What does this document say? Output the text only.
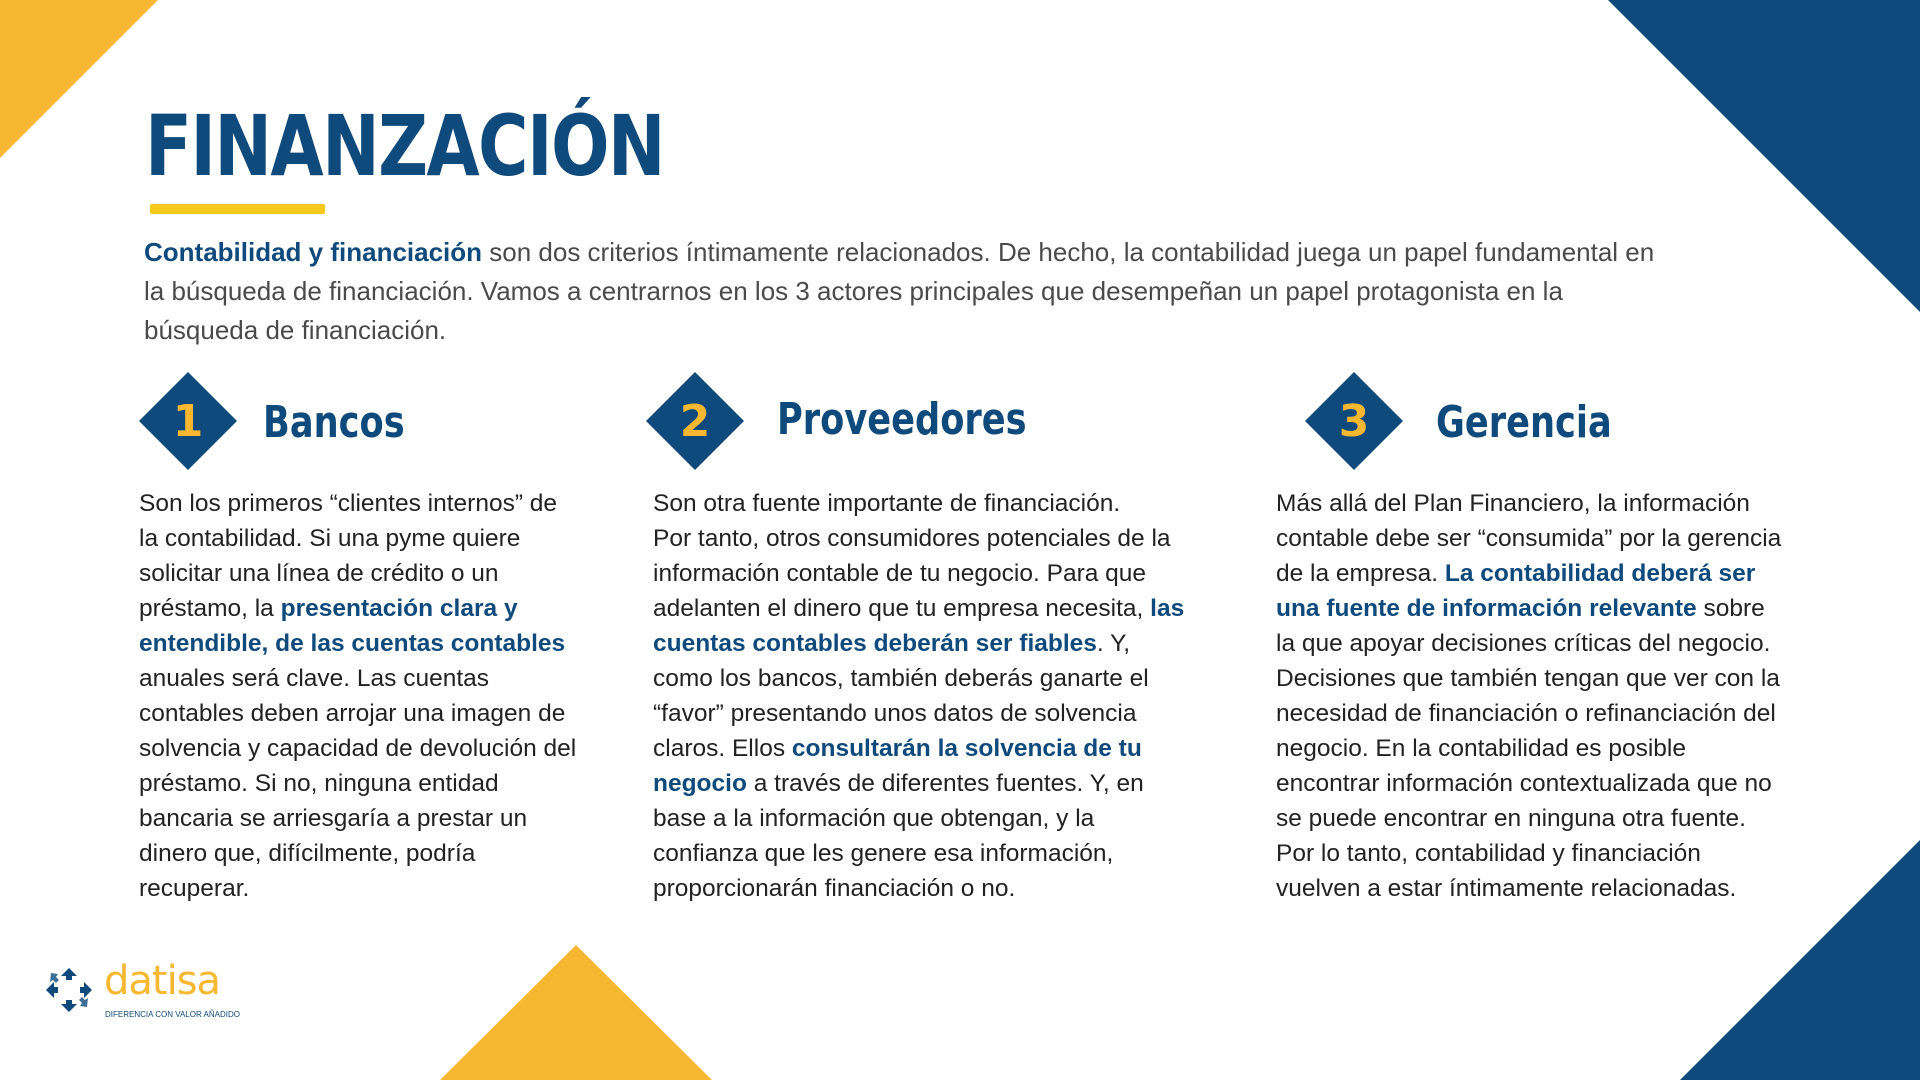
FINANZACIÓN

Contabilidad y financiación son dos criterios íntimamente relacionados. De hecho, la contabilidad juega un papel fundamental en la búsqueda de financiación. Vamos a centrarnos en los 3 actores principales que desempeñan un papel protagonista en la búsqueda de financiación.

1	Bancos
Son los primeros “clientes internos” de
la contabilidad. Si una pyme quiere
solicitar una línea de crédito o un
préstamo, la presentación clara y
entendible, de las cuentas contables
anuales será clave. Las cuentas
contables deben arrojar una imagen de
solvencia y capacidad de devolución del
préstamo. Si no, ninguna entidad
bancaria se arriesgaría a prestar un
dinero que, difícilmente, podría
recuperar.
2	Proveedores
Son otra fuente importante de financiación.
Por tanto, otros consumidores potenciales de la
información contable de tu negocio. Para que
adelanten el dinero que tu empresa necesita, las
cuentas contables deberán ser fiables. Y,
como los bancos, también deberás ganarte el
“favor” presentando unos datos de solvencia
claros. Ellos consultarán la solvencia de tu
negocio a través de diferentes fuentes. Y, en
base a la información que obtengan, y la
confianza que les genere esa información,
proporcionarán financiación o no.
3	Gerencia
Más allá del Plan Financiero, la información
contable debe ser “consumida” por la gerencia
de la empresa. La contabilidad deberá ser
una fuente de información relevante sobre
la que apoyar decisiones críticas del negocio.
Decisiones que también tengan que ver con la
necesidad de financiación o refinanciación del
negocio. En la contabilidad es posible
encontrar información contextualizada que no
se puede encontrar en ninguna otra fuente.
Por lo tanto, contabilidad y financiación
vuelven a estar íntimamente relacionadas.
datisa
DIFERENCIA CON VALOR AÑADIDO
